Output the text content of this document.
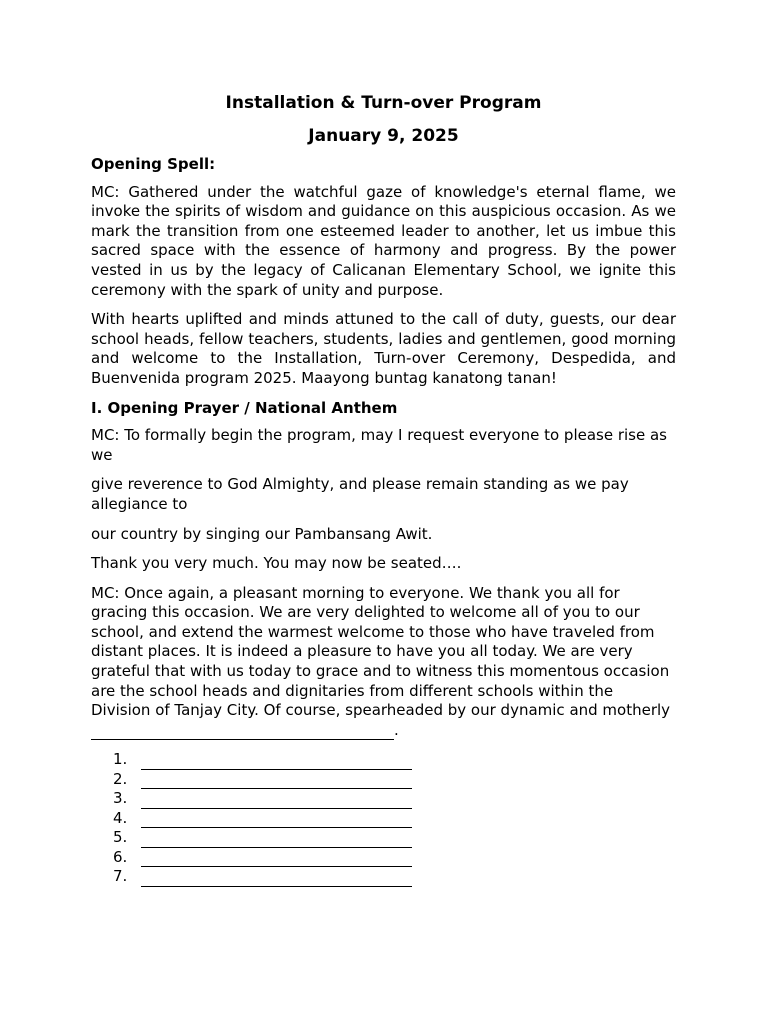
Installation & Turn-over Program
January 9, 2025

Opening Spell:

MC: Gathered under the watchful gaze of knowledge's eternal flame, we invoke the spirits of wisdom and guidance on this auspicious occasion. As we mark the transition from one esteemed leader to another, let us imbue this sacred space with the essence of harmony and progress. By the power vested in us by the legacy of Calicanan Elementary School, we ignite this ceremony with the spark of unity and purpose.

With hearts uplifted and minds attuned to the call of duty, guests, our dear school heads, fellow teachers, students, ladies and gentlemen, good morning and welcome to the Installation, Turn-over Ceremony, Despedida, and Buenvenida program 2025. Maayong buntag kanatong tanan!

I. Opening Prayer / National Anthem

MC: To formally begin the program, may I request everyone to please rise as we

give reverence to God Almighty, and please remain standing as we pay allegiance to

our country by singing our Pambansang Awit.

Thank you very much. You may now be seated….

MC: Once again, a pleasant morning to everyone. We thank you all for gracing this occasion. We are very delighted to welcome all of you to our school, and extend the warmest welcome to those who have traveled from distant places. It is indeed a pleasure to have you all today. We are very grateful that with us today to grace and to witness this momentous occasion are the school heads and dignitaries from different schools within the Division of Tanjay City. Of course, spearheaded by our dynamic and motherly
.

1.
2.
3.
4.
5.
6.
7.
